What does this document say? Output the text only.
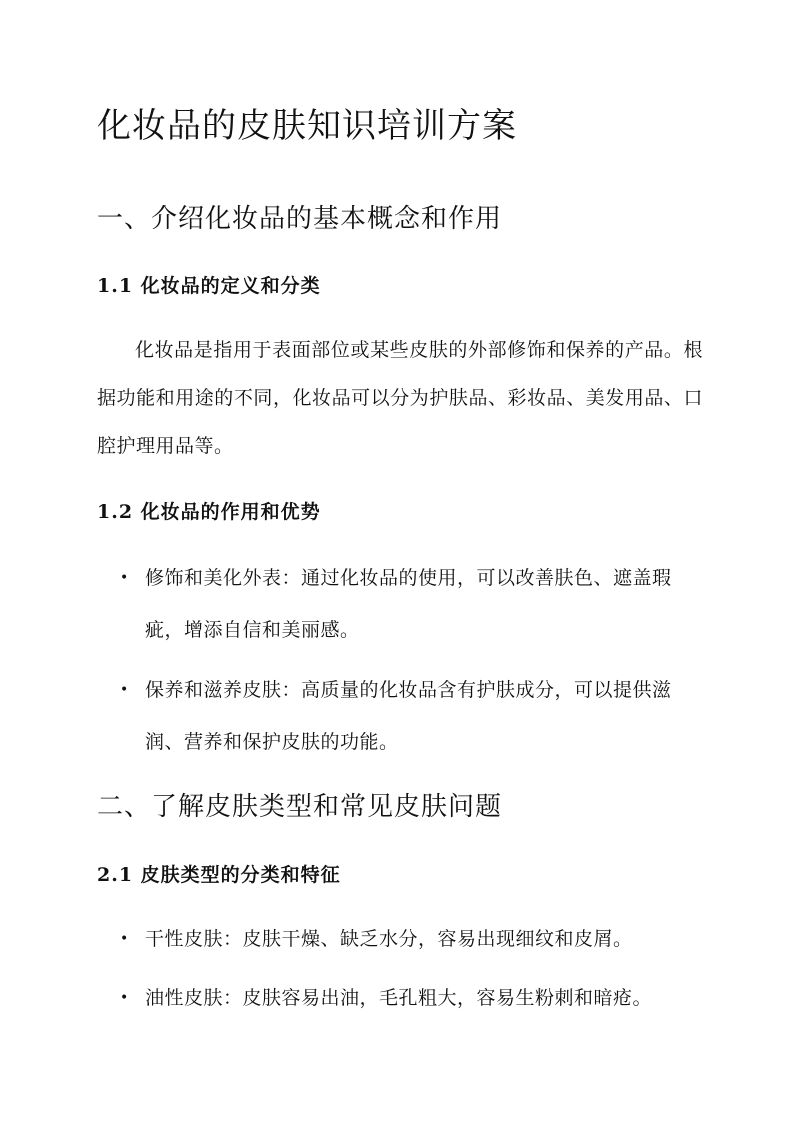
化妆品的皮肤知识培训方案
一、介绍化妆品的基本概念和作用
1.1 化妆品的定义和分类
化妆品是指用于表面部位或某些皮肤的外部修饰和保养的产品。根据功能和用途的不同，化妆品可以分为护肤品、彩妆品、美发用品、口腔护理用品等。
1.2 化妆品的作用和优势
• 修饰和美化外表：通过化妆品的使用，可以改善肤色、遮盖瑕疵，增添自信和美丽感。
• 保养和滋养皮肤：高质量的化妆品含有护肤成分，可以提供滋润、营养和保护皮肤的功能。
二、了解皮肤类型和常见皮肤问题
2.1 皮肤类型的分类和特征
• 干性皮肤：皮肤干燥、缺乏水分，容易出现细纹和皮屑。
• 油性皮肤：皮肤容易出油，毛孔粗大，容易生粉刺和暗疮。
